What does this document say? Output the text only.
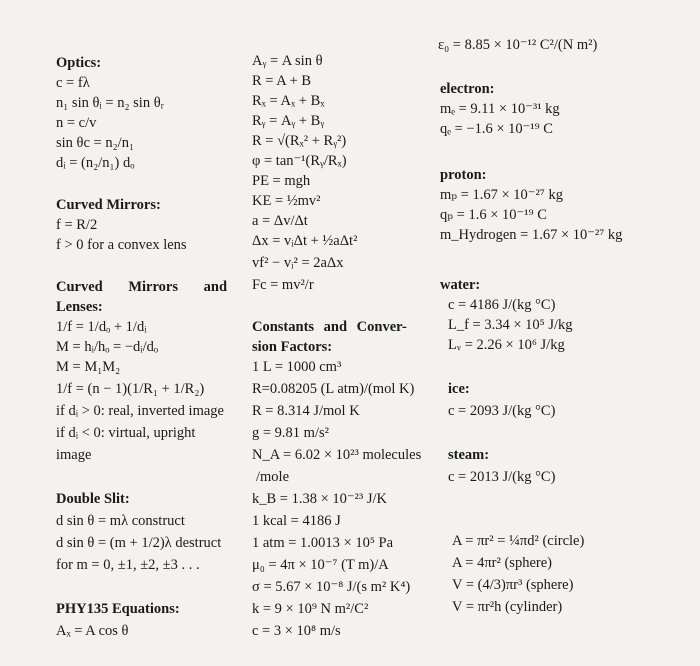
Optics:
c = fλ
n₁ sin θᵢ = n₂ sin θᵣ
n = c/v
sin θc = n₂/n₁
dᵢ = (n₂/n₁) dₒ
Curved Mirrors:
f = R/2
f > 0 for a convex lens
Curved Mirrors and
Lenses:
1/f = 1/dₒ + 1/dᵢ
M = hᵢ/hₒ = −dᵢ/dₒ
M = M₁M₂
1/f = (n − 1)(1/R₁ + 1/R₂)
if dᵢ > 0: real, inverted image
if dᵢ < 0: virtual, upright
image
Double Slit:
d sin θ = mλ construct
d sin θ = (m + 1/2)λ destruct
for m = 0, ±1, ±2, ±3 . . .
PHY135 Equations:
Aₓ = A cos θ
Aᵧ = A sin θ
R = A + B
Rₓ = Aₓ + Bₓ
Rᵧ = Aᵧ + Bᵧ
R = √(Rₓ² + Rᵧ²)
φ = tan⁻¹(Rᵧ/Rₓ)
PE = mgh
KE = ½mv²
a = Δv/Δt
Δx = vᵢΔt + ½aΔt²
vf² − vᵢ² = 2aΔx
Fc = mv²/r
Constants and Conver-
sion Factors:
1 L = 1000 cm³
R=0.08205 (L atm)/(mol K)
R = 8.314 J/mol K
g = 9.81 m/s²
N_A = 6.02 × 10²³ molecules
/mole
k_B = 1.38 × 10⁻²³ J/K
1 kcal = 4186 J
1 atm = 1.0013 × 10⁵ Pa
μ₀ = 4π × 10⁻⁷ (T m)/A
σ = 5.67 × 10⁻⁸ J/(s m² K⁴)
k = 9 × 10⁹ N m²/C²
c = 3 × 10⁸ m/s
ε₀ = 8.85 × 10⁻¹² C²/(N m²)
electron:
mₑ = 9.11 × 10⁻³¹ kg
qₑ = −1.6 × 10⁻¹⁹ C
proton:
mₚ = 1.67 × 10⁻²⁷ kg
qₚ = 1.6 × 10⁻¹⁹ C
m_Hydrogen = 1.67 × 10⁻²⁷ kg
water:
c = 4186 J/(kg °C)
L_f = 3.34 × 10⁵ J/kg
Lᵥ = 2.26 × 10⁶ J/kg
ice:
c = 2093 J/(kg °C)
steam:
c = 2013 J/(kg °C)
A = πr² = ¼πd² (circle)
A = 4πr² (sphere)
V = (4/3)πr³ (sphere)
V = πr²h (cylinder)
